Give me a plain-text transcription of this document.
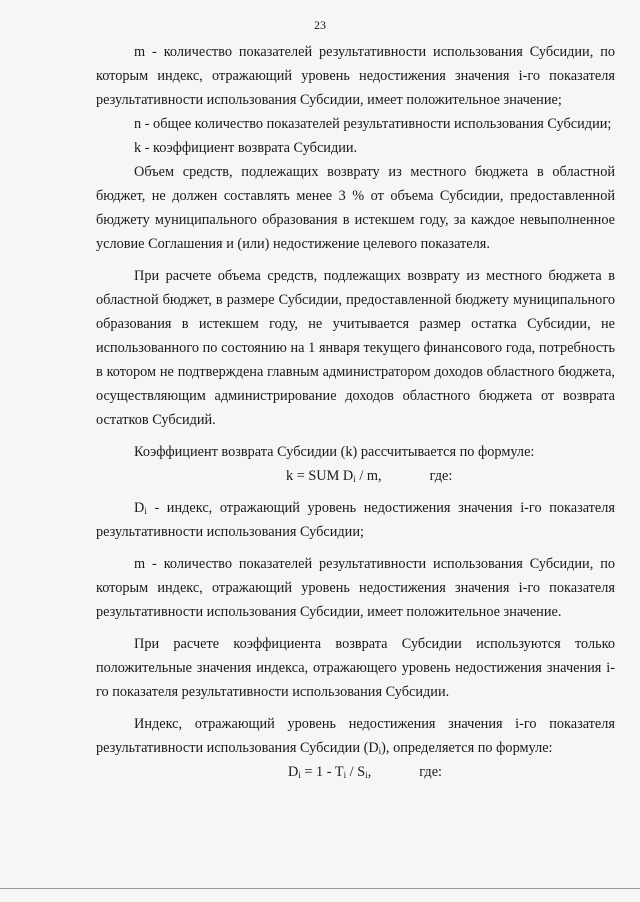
23

m - количество показателей результативности использования Субсидии, по которым индекс, отражающий уровень недостижения значения i-го показателя результативности использования Субсидии, имеет положительное значение;

n - общее количество показателей результативности использования Субсидии;

k - коэффициент возврата Субсидии.

Объем средств, подлежащих возврату из местного бюджета в областной бюджет, не должен составлять менее 3 % от объема Субсидии, предоставленной бюджету муниципального образования в истекшем году, за каждое невыполненное условие Соглашения и (или) недостижение целевого показателя.

При расчете объема средств, подлежащих возврату из местного бюджета в областной бюджет, в размере Субсидии, предоставленной бюджету муниципального образования в истекшем году, не учитывается размер остатка Субсидии, не использованного по состоянию на 1 января текущего финансового года, потребность в котором не подтверждена главным администратором доходов областного бюджета, осуществляющим администрирование доходов областного бюджета от возврата остатков Субсидий.

Коэффициент возврата Субсидии (k) рассчитывается по формуле:

k = SUM $D_i$ / m,	где:

$D_i$ - индекс, отражающий уровень недостижения значения i-го показателя результативности использования Субсидии;

m - количество показателей результативности использования Субсидии, по которым индекс, отражающий уровень недостижения значения i-го показателя результативности использования Субсидии, имеет положительное значение.

При расчете коэффициента возврата Субсидии используются только положительные значения индекса, отражающего уровень недостижения значения i-го показателя результативности использования Субсидии.

Индекс, отражающий уровень недостижения значения i-го показателя результативности использования Субсидии $(D_i)$, определяется по формуле:

$D_i = 1 - T_i / S_i$,	где:
